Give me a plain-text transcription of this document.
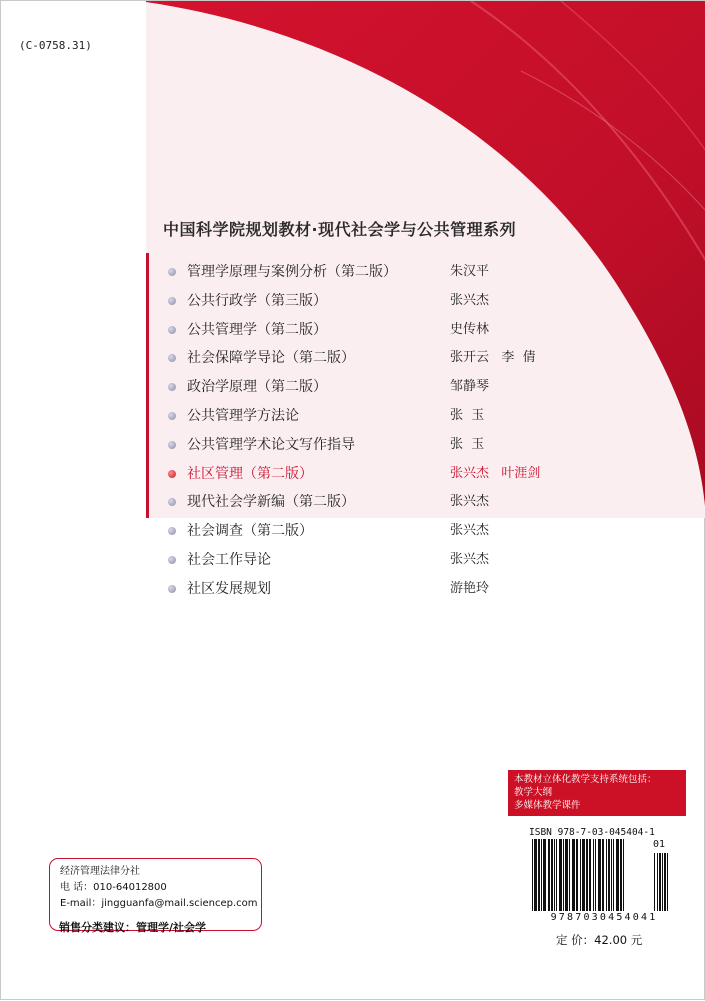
(C-0758.31)
中国科学院规划教材·现代社会学与公共管理系列
管理学原理与案例分析（第二版）	朱汉平
公共行政学（第三版）	张兴杰
公共管理学（第二版）	史传林
社会保障学导论（第二版）	张开云   李  倩
政治学原理（第二版）	邹静琴
公共管理学方法论	张  玉
公共管理学术论文写作指导	张  玉
社区管理（第二版）	张兴杰   叶涯剑
现代社会学新编（第二版）	张兴杰
社会调查（第二版）	张兴杰
社会工作导论	张兴杰
社区发展规划	游艳玲
本教材立体化教学支持系统包括：
教学大纲
多媒体教学课件
ISBN 978-7-03-045404-1
01
9787030454041
定 价：42.00 元
经济管理法律分社
电 话：010-64012800
E-mail：jingguanfa@mail.sciencep.com
销售分类建议：管理学/社会学
